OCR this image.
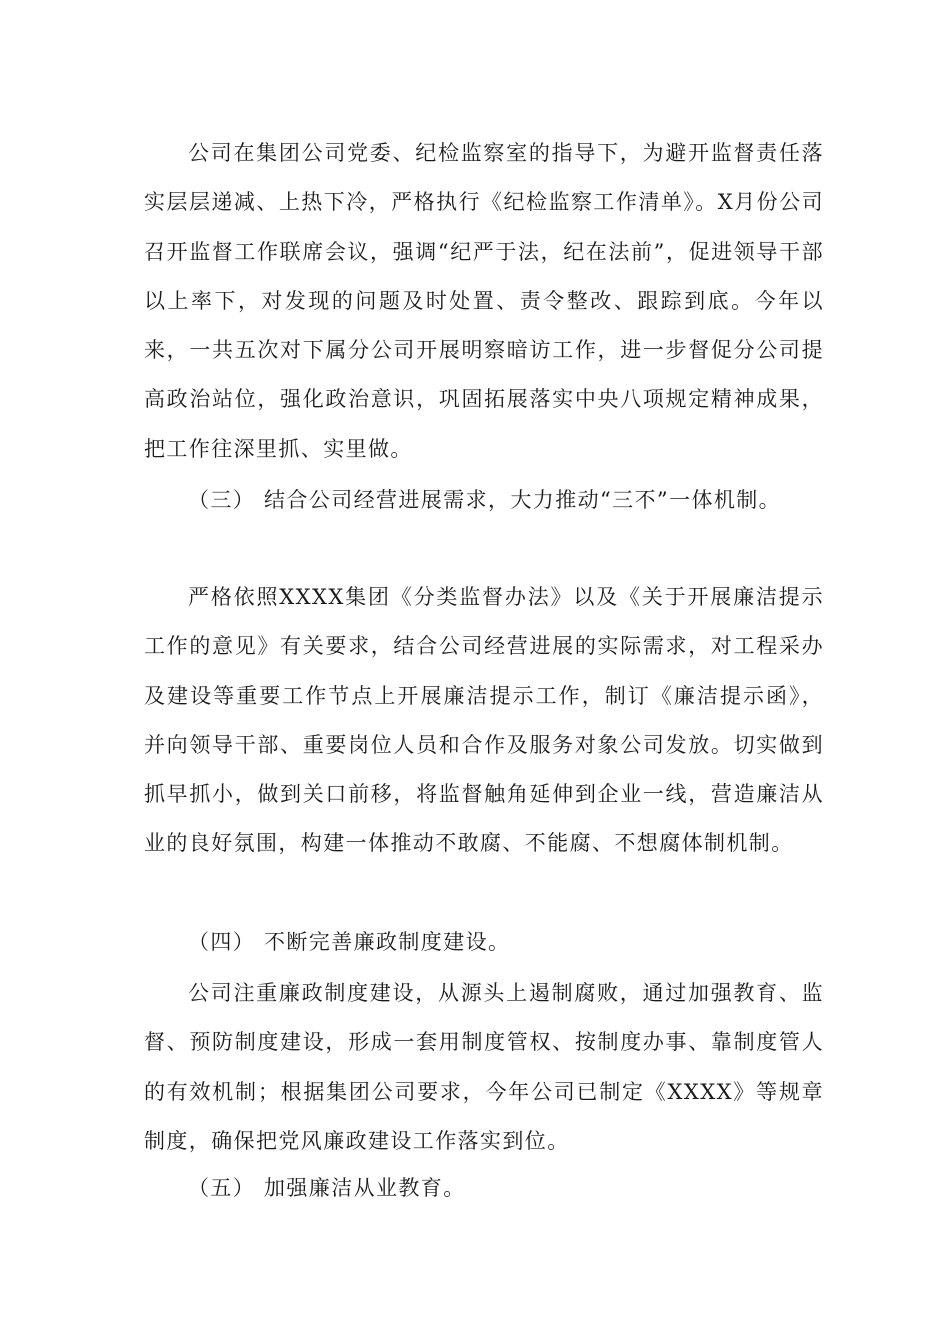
公司在集团公司党委、纪检监察室的指导下，为避开监督责任落实层层递减、上热下冷，严格执行《纪检监察工作清单》。X月份公司召开监督工作联席会议，强调“纪严于法，纪在法前”，促进领导干部以上率下，对发现的问题及时处置、责令整改、跟踪到底。今年以来，一共五次对下属分公司开展明察暗访工作，进一步督促分公司提高政治站位，强化政治意识，巩固拓展落实中央八项规定精神成果，把工作往深里抓、实里做。

（三） 结合公司经营进展需求，大力推动“三不”一体机制。

严格依照XXXX集团《分类监督办法》以及《关于开展廉洁提示工作的意见》有关要求，结合公司经营进展的实际需求，对工程采办及建设等重要工作节点上开展廉洁提示工作，制订《廉洁提示函》，并向领导干部、重要岗位人员和合作及服务对象公司发放。切实做到抓早抓小，做到关口前移，将监督触角延伸到企业一线，营造廉洁从业的良好氛围，构建一体推动不敢腐、不能腐、不想腐体制机制。

（四） 不断完善廉政制度建设。

公司注重廉政制度建设，从源头上遏制腐败，通过加强教育、监督、预防制度建设，形成一套用制度管权、按制度办事、靠制度管人的有效机制；根据集团公司要求，今年公司已制定《XXXX》等规章制度，确保把党风廉政建设工作落实到位。

（五） 加强廉洁从业教育。
